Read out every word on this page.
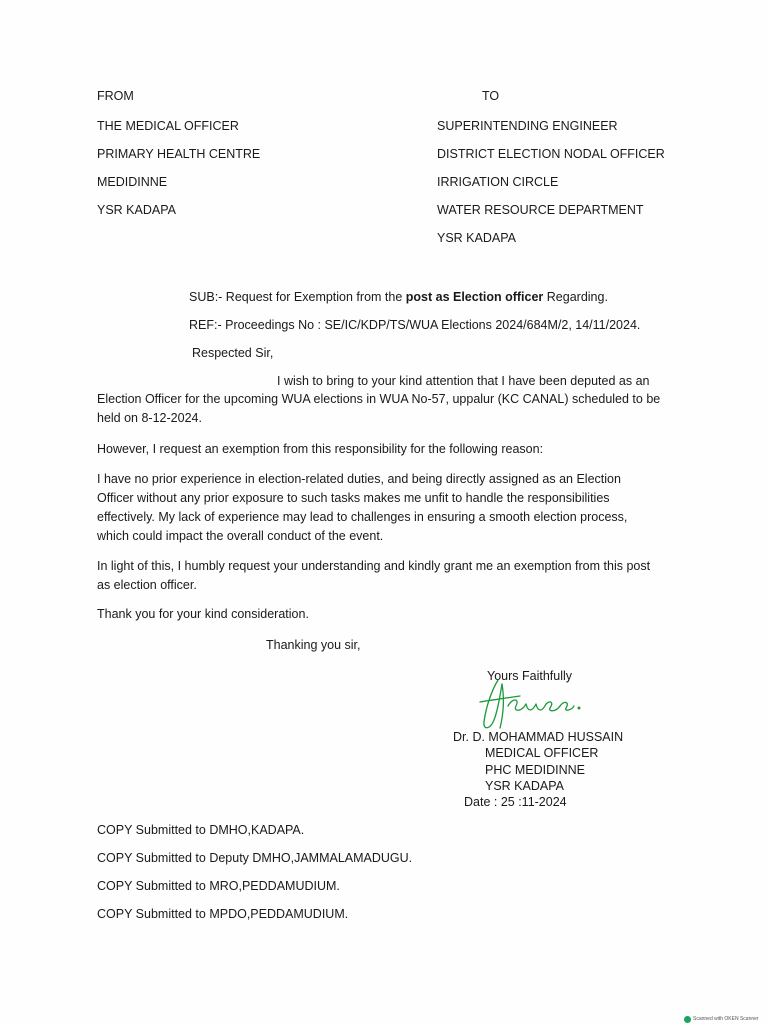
FROM
THE MEDICAL OFFICER
PRIMARY HEALTH CENTRE
MEDIDINNE
YSR KADAPA
TO
SUPERINTENDING ENGINEER
DISTRICT ELECTION NODAL OFFICER
IRRIGATION CIRCLE
WATER RESOURCE DEPARTMENT
YSR KADAPA
SUB:- Request for Exemption from the post as Election officer Regarding.
REF:- Proceedings No : SE/IC/KDP/TS/WUA Elections 2024/684M/2, 14/11/2024.
Respected Sir,
I wish to bring to your kind attention that I have been deputed as an
Election Officer for the upcoming WUA elections in WUA No-57, uppalur (KC CANAL) scheduled to be held on 8-12-2024.
However, I request an exemption from this responsibility for the following reason:
I have no prior experience in election-related duties, and being directly assigned as an Election Officer without any prior exposure to such tasks makes me unfit to handle the responsibilities effectively. My lack of experience may lead to challenges in ensuring a smooth election process, which could impact the overall conduct of the event.
In light of this, I humbly request your understanding and kindly grant me an exemption from this post as election officer.
Thank you for your kind consideration.
Thanking you sir,
Yours Faithfully
Dr. D. MOHAMMAD HUSSAIN
MEDICAL OFFICER
PHC MEDIDINNE
YSR KADAPA
Date : 25 :11-2024
COPY Submitted to DMHO,KADAPA.
COPY Submitted to Deputy DMHO,JAMMALAMADUGU.
COPY Submitted to MRO,PEDDAMUDIUM.
COPY Submitted to MPDO,PEDDAMUDIUM.
Scanned with OKEN Scanner
